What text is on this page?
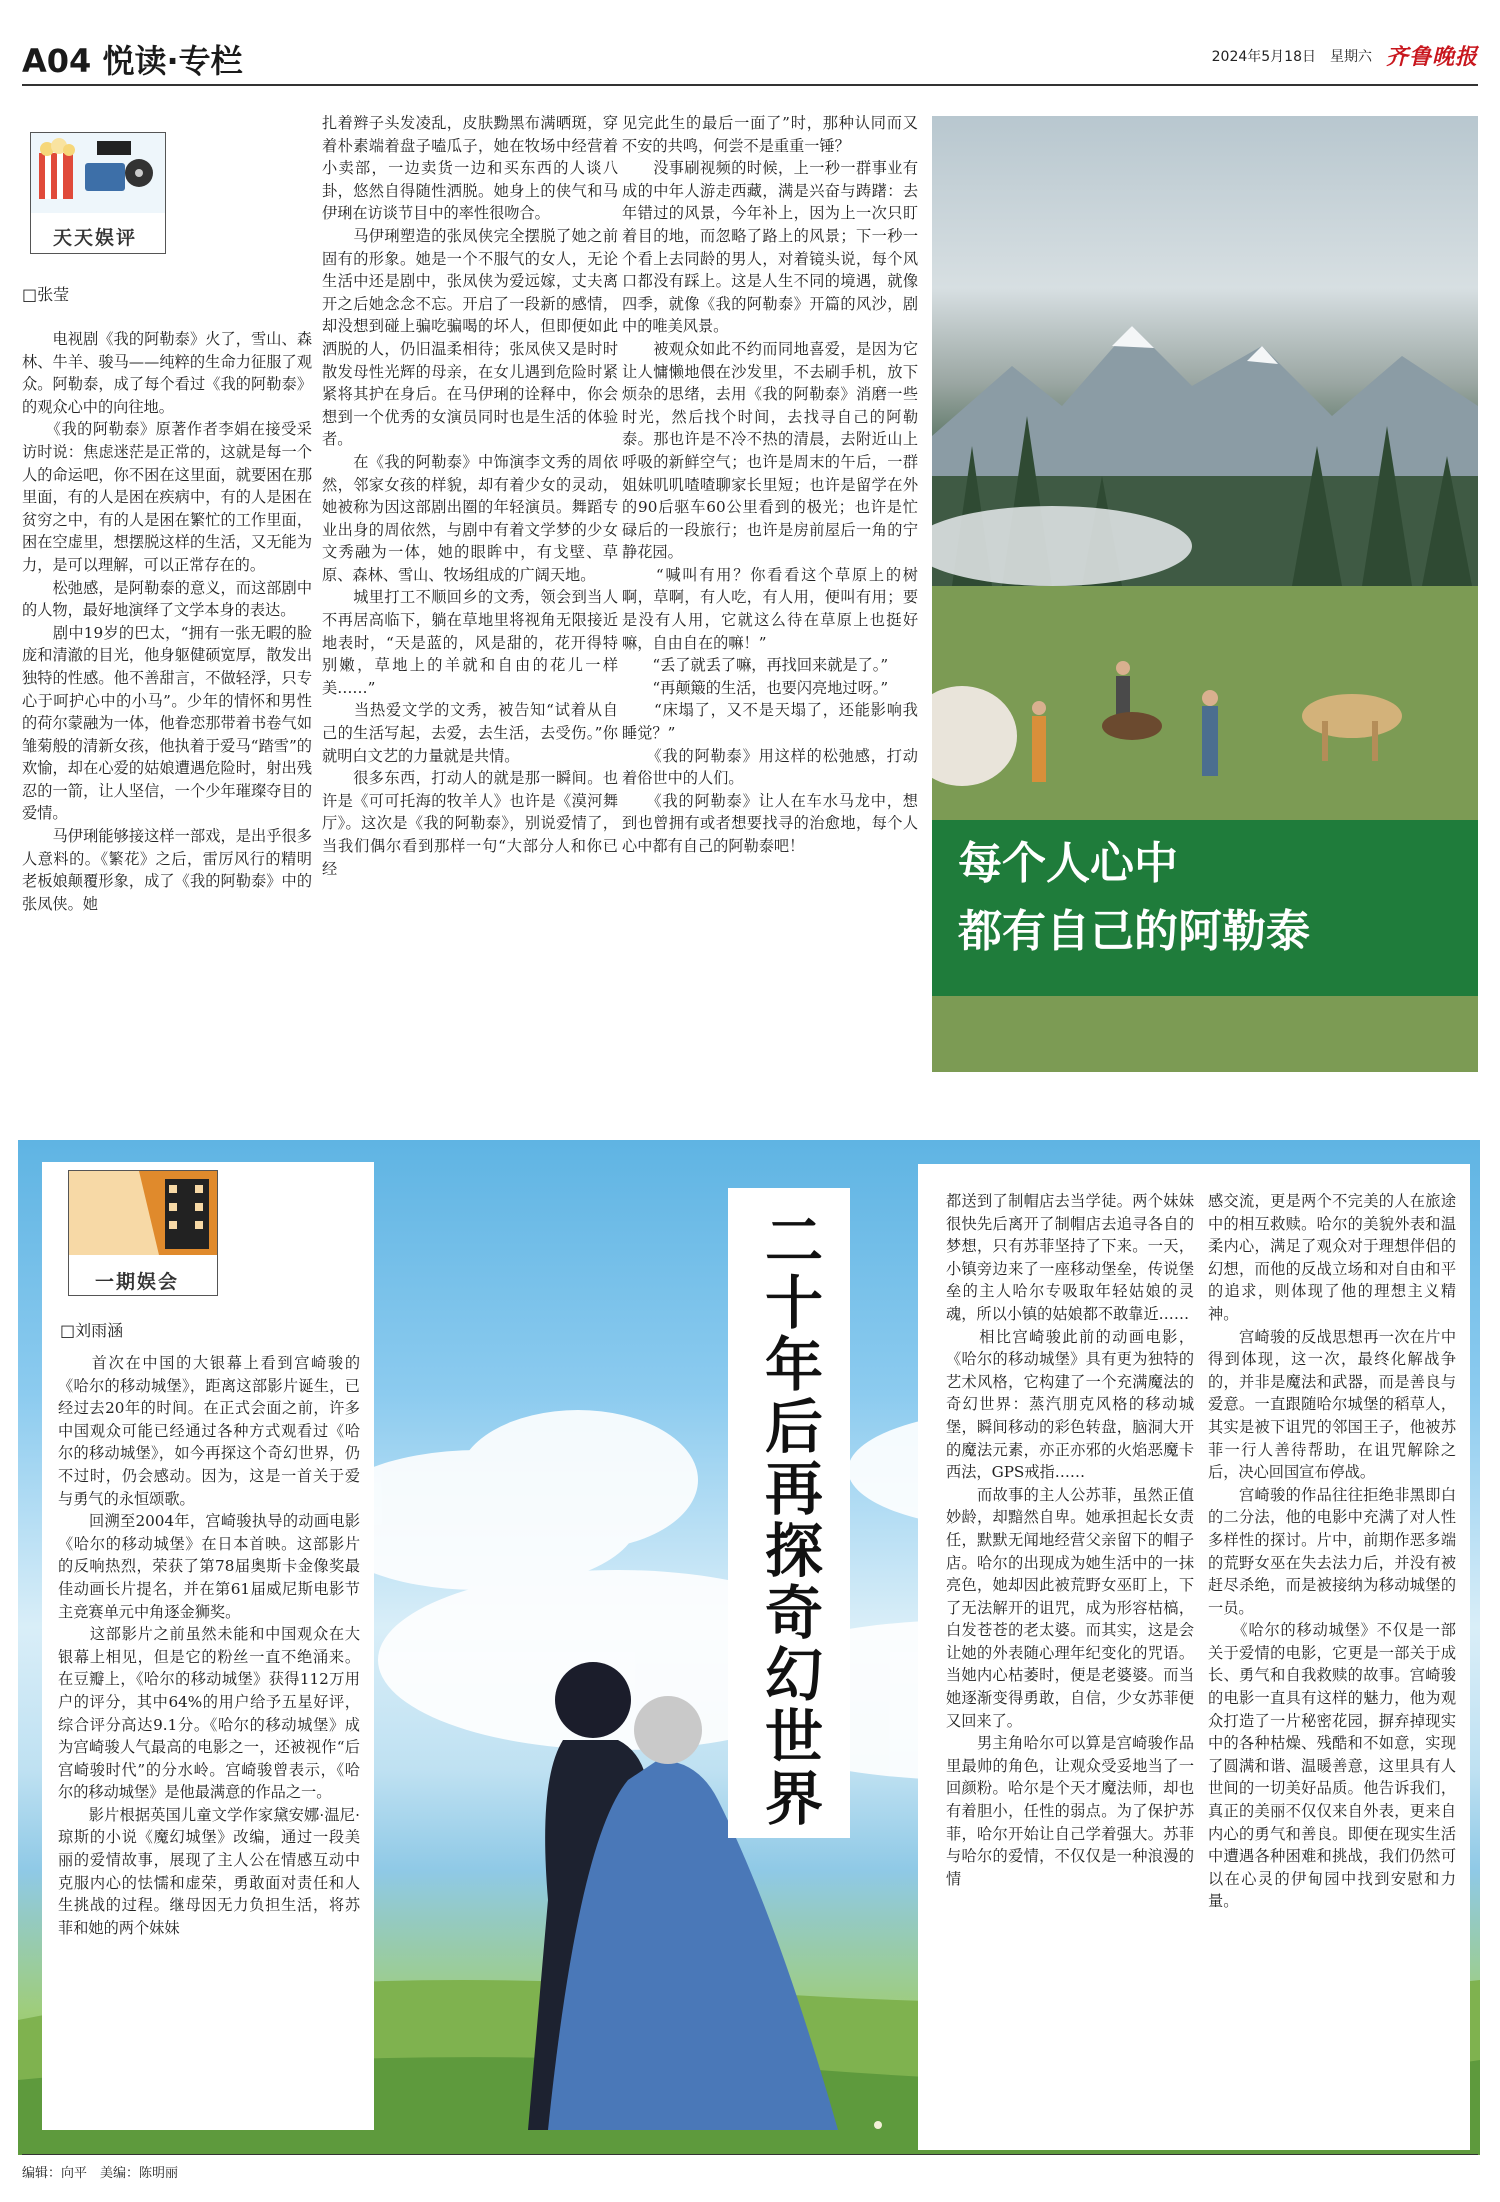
A04 悦读·专栏	2024年5月18日 星期六 齐鲁晚报
天天娱评
□张莹
　　电视剧《我的阿勒泰》火了，雪山、森林、牛羊、骏马——纯粹的生命力征服了观众。阿勒泰，成了每个看过《我的阿勒泰》的观众心中的向往地。
　　《我的阿勒泰》原著作者李娟在接受采访时说：焦虑迷茫是正常的，这就是每一个人的命运吧，你不困在这里面，就要困在那里面，有的人是困在疾病中，有的人是困在贫穷之中，有的人是困在繁忙的工作里面，困在空虚里，想摆脱这样的生活，又无能为力，是可以理解，可以正常存在的。
　　松弛感，是阿勒泰的意义，而这部剧中的人物，最好地演绎了文学本身的表达。
　　剧中19岁的巴太，“拥有一张无暇的脸庞和清澈的目光，他身躯健硕宽厚，散发出独特的性感。他不善甜言，不做轻浮，只专心于呵护心中的小马”。少年的情怀和男性的荷尔蒙融为一体，他眷恋那带着书卷气如雏菊般的清新女孩，他执着于爱马“踏雪”的欢愉，却在心爱的姑娘遭遇危险时，射出残忍的一箭，让人坚信，一个少年璀璨夺目的爱情。
　　马伊琍能够接这样一部戏，是出乎很多人意料的。《繁花》之后，雷厉风行的精明老板娘颠覆形象，成了《我的阿勒泰》中的张凤侠。她
扎着辫子头发凌乱，皮肤黝黑布满晒斑，穿着朴素端着盘子嗑瓜子，她在牧场中经营着小卖部，一边卖货一边和买东西的人谈八卦，悠然自得随性洒脱。她身上的侠气和马伊琍在访谈节目中的率性很吻合。
　　马伊琍塑造的张凤侠完全摆脱了她之前固有的形象。她是一个不服气的女人，无论生活中还是剧中，张凤侠为爱远嫁，丈夫离开之后她念念不忘。开启了一段新的感情，却没想到碰上骗吃骗喝的坏人，但即便如此洒脱的人，仍旧温柔相待；张凤侠又是时时散发母性光辉的母亲，在女儿遇到危险时紧紧将其护在身后。在马伊琍的诠释中，你会想到一个优秀的女演员同时也是生活的体验者。
　　在《我的阿勒泰》中饰演李文秀的周依然，邻家女孩的样貌，却有着少女的灵动，她被称为因这部剧出圈的年轻演员。舞蹈专业出身的周依然，与剧中有着文学梦的少女文秀融为一体，她的眼眸中，有戈壁、草原、森林、雪山、牧场组成的广阔天地。
　　城里打工不顺回乡的文秀，领会到当人不再居高临下，躺在草地里将视角无限接近地表时，“天是蓝的，风是甜的，花开得特别嫩，草地上的羊就和自由的花儿一样美……”
　　当热爱文学的文秀，被告知“试着从自己的生活写起，去爱，去生活，去受伤。”你就明白文艺的力量就是共情。
　　很多东西，打动人的就是那一瞬间。也许是《可可托海的牧羊人》也许是《漠河舞厅》。这次是《我的阿勒泰》，别说爱情了，当我们偶尔看到那样一句“大部分人和你已经
见完此生的最后一面了”时，那种认同而又不安的共鸣，何尝不是重重一锤？
　　没事刷视频的时候，上一秒一群事业有成的中年人游走西藏，满是兴奋与踌躇：去年错过的风景，今年补上，因为上一次只盯着目的地，而忽略了路上的风景；下一秒一个看上去同龄的男人，对着镜头说，每个风口都没有踩上。这是人生不同的境遇，就像四季，就像《我的阿勒泰》开篇的风沙，剧中的唯美风景。
　　被观众如此不约而同地喜爱，是因为它让人慵懒地偎在沙发里，不去刷手机，放下烦杂的思绪，去用《我的阿勒泰》消磨一些时光，然后找个时间，去找寻自己的阿勒泰。那也许是不冷不热的清晨，去附近山上呼吸的新鲜空气；也许是周末的午后，一群姐妹叽叽喳喳聊家长里短；也许是留学在外的90后驱车60公里看到的极光；也许是忙碌后的一段旅行；也许是房前屋后一角的宁静花园。
　　“喊叫有用？你看看这个草原上的树啊，草啊，有人吃，有人用，便叫有用；要是没有人用，它就这么待在草原上也挺好嘛，自由自在的嘛！”
　　“丢了就丢了嘛，再找回来就是了。”
　　“再颠簸的生活，也要闪亮地过呀。”
　　“床塌了，又不是天塌了，还能影响我睡觉？”
　　《我的阿勒泰》用这样的松弛感，打动着俗世中的人们。
　　《我的阿勒泰》让人在车水马龙中，想到也曾拥有或者想要找寻的治愈地，每个人心中都有自己的阿勒泰吧！	每个人心中
都有自己的阿勒泰
一期娱会
□刘雨涵
　　首次在中国的大银幕上看到宫崎骏的《哈尔的移动城堡》，距离这部影片诞生，已经过去20年的时间。在正式会面之前，许多中国观众可能已经通过各种方式观看过《哈尔的移动城堡》，如今再探这个奇幻世界，仍不过时，仍会感动。因为，这是一首关于爱与勇气的永恒颂歌。
　　回溯至2004年，宫崎骏执导的动画电影《哈尔的移动城堡》在日本首映。这部影片的反响热烈，荣获了第78届奥斯卡金像奖最佳动画长片提名，并在第61届威尼斯电影节主竞赛单元中角逐金狮奖。
　　这部影片之前虽然未能和中国观众在大银幕上相见，但是它的粉丝一直不绝涌来。在豆瓣上，《哈尔的移动城堡》获得112万用户的评分，其中64%的用户给予五星好评，综合评分高达9.1分。《哈尔的移动城堡》成为宫崎骏人气最高的电影之一，还被视作“后宫崎骏时代”的分水岭。宫崎骏曾表示，《哈尔的移动城堡》是他最满意的作品之一。
　　影片根据英国儿童文学作家黛安娜·温尼·琼斯的小说《魔幻城堡》改编，通过一段美丽的爱情故事，展现了主人公在情感互动中克服内心的怯懦和虚荣，勇敢面对责任和人生挑战的过程。继母因无力负担生活，将苏菲和她的两个妹妹
二十年后再探奇幻世界
都送到了制帽店去当学徒。两个妹妹很快先后离开了制帽店去追寻各自的梦想，只有苏菲坚持了下来。一天，小镇旁边来了一座移动堡垒，传说堡垒的主人哈尔专吸取年轻姑娘的灵魂，所以小镇的姑娘都不敢靠近……
　　相比宫崎骏此前的动画电影，《哈尔的移动城堡》具有更为独特的艺术风格，它构建了一个充满魔法的奇幻世界：蒸汽朋克风格的移动城堡，瞬间移动的彩色转盘，脑洞大开的魔法元素，亦正亦邪的火焰恶魔卡西法，GPS戒指……
　　而故事的主人公苏菲，虽然正值妙龄，却黯然自卑。她承担起长女责任，默默无闻地经营父亲留下的帽子店。哈尔的出现成为她生活中的一抹亮色，她却因此被荒野女巫盯上，下了无法解开的诅咒，成为形容枯槁，白发苍苍的老太婆。而其实，这是会让她的外表随心理年纪变化的咒语。当她内心枯萎时，便是老婆婆。而当她逐渐变得勇敢，自信，少女苏菲便又回来了。
　　男主角哈尔可以算是宫崎骏作品里最帅的角色，让观众受妥地当了一回颜粉。哈尔是个天才魔法师，却也有着胆小，任性的弱点。为了保护苏菲，哈尔开始让自己学着强大。苏菲与哈尔的爱情，不仅仅是一种浪漫的情
感交流，更是两个不完美的人在旅途中的相互救赎。哈尔的美貌外表和温柔内心，满足了观众对于理想伴侣的幻想，而他的反战立场和对自由和平的追求，则体现了他的理想主义精神。
　　宫崎骏的反战思想再一次在片中得到体现，这一次，最终化解战争的，并非是魔法和武器，而是善良与爱意。一直跟随哈尔城堡的稻草人，其实是被下诅咒的邻国王子，他被苏菲一行人善待帮助，在诅咒解除之后，决心回国宣布停战。
　　宫崎骏的作品往往拒绝非黑即白的二分法，他的电影中充满了对人性多样性的探讨。片中，前期作恶多端的荒野女巫在失去法力后，并没有被赶尽杀绝，而是被接纳为移动城堡的一员。
　　《哈尔的移动城堡》不仅是一部关于爱情的电影，它更是一部关于成长、勇气和自我救赎的故事。宫崎骏的电影一直具有这样的魅力，他为观众打造了一片秘密花园，摒弃掉现实中的各种枯燥、残酷和不如意，实现了圆满和谐、温暖善意，这里具有人世间的一切美好品质。他告诉我们，真正的美丽不仅仅来自外表，更来自内心的勇气和善良。即便在现实生活中遭遇各种困难和挑战，我们仍然可以在心灵的伊甸园中找到安慰和力量。
编辑：向平　美编：陈明丽
